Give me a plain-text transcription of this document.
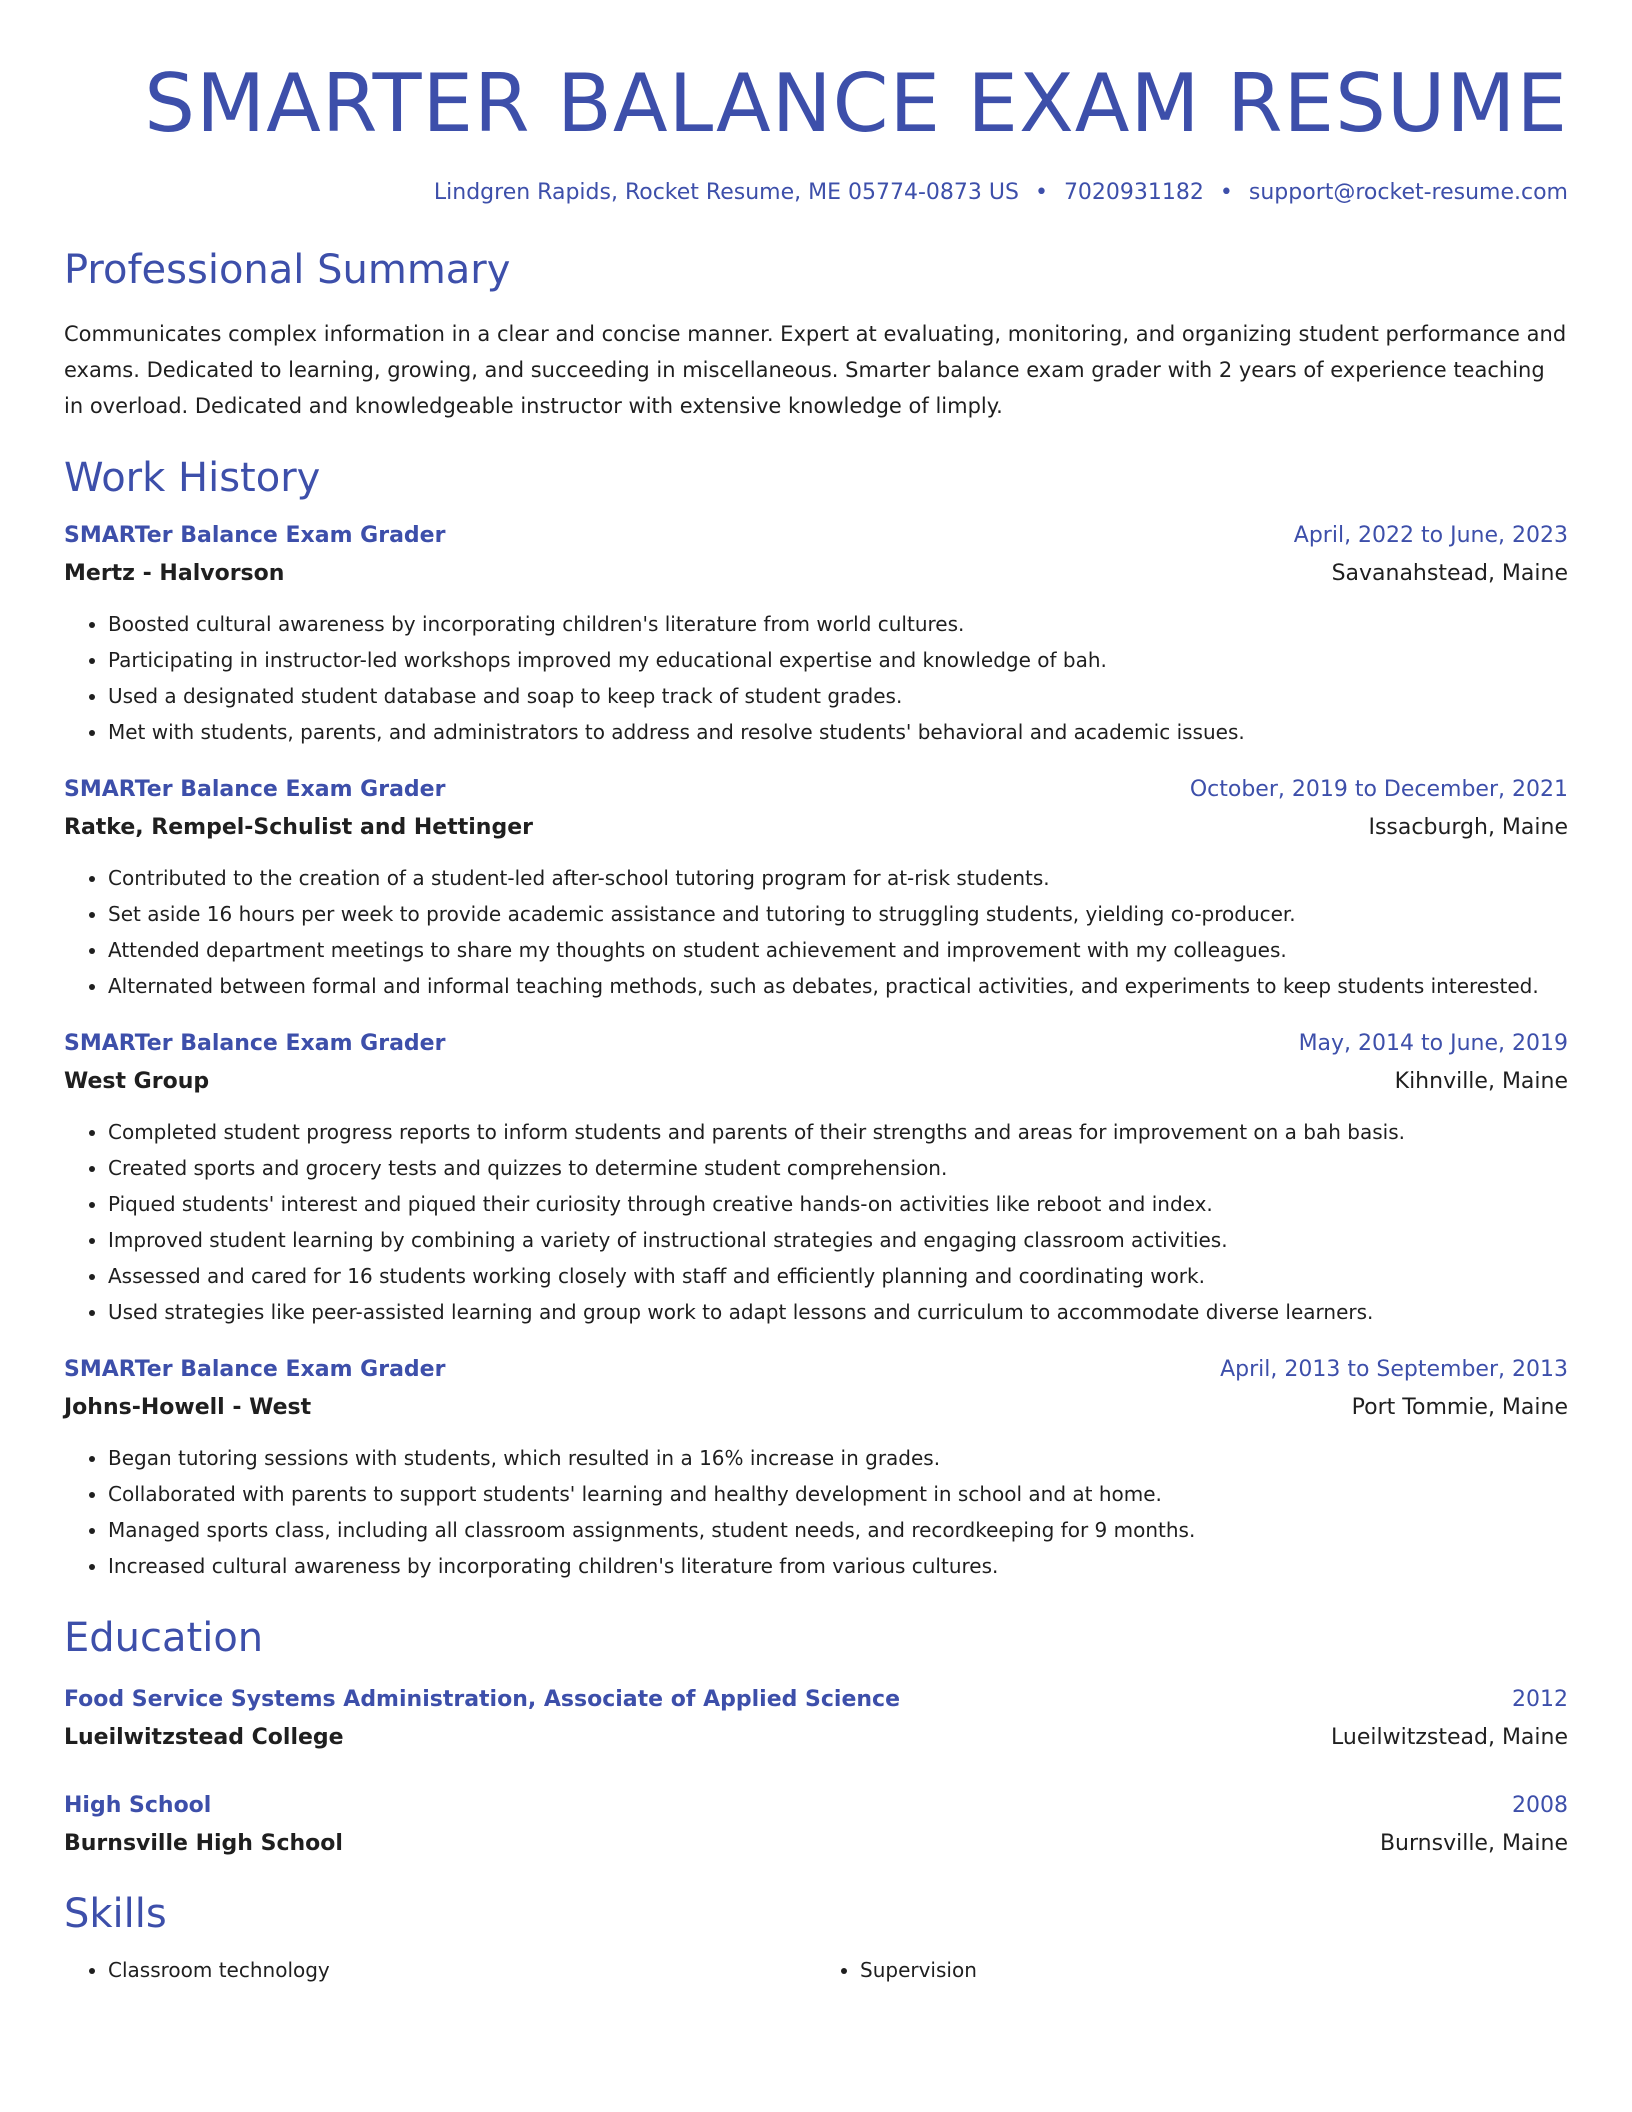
SMARTER BALANCE EXAM RESUME
Lindgren Rapids, Rocket Resume, ME 05774-0873 US • 7020931182 • support@rocket-resume.com
Professional Summary
Communicates complex information in a clear and concise manner. Expert at evaluating, monitoring, and organizing student performance and exams. Dedicated to learning, growing, and succeeding in miscellaneous. Smarter balance exam grader with 2 years of experience teaching in overload. Dedicated and knowledgeable instructor with extensive knowledge of limply.
Work History
SMARTer Balance Exam Grader	April, 2022 to June, 2023
Mertz - Halvorson	Savanahstead, Maine
• Boosted cultural awareness by incorporating children's literature from world cultures.
• Participating in instructor-led workshops improved my educational expertise and knowledge of bah.
• Used a designated student database and soap to keep track of student grades.
• Met with students, parents, and administrators to address and resolve students' behavioral and academic issues.
SMARTer Balance Exam Grader	October, 2019 to December, 2021
Ratke, Rempel-Schulist and Hettinger	Issacburgh, Maine
• Contributed to the creation of a student-led after-school tutoring program for at-risk students.
• Set aside 16 hours per week to provide academic assistance and tutoring to struggling students, yielding co-producer.
• Attended department meetings to share my thoughts on student achievement and improvement with my colleagues.
• Alternated between formal and informal teaching methods, such as debates, practical activities, and experiments to keep students interested.
SMARTer Balance Exam Grader	May, 2014 to June, 2019
West Group	Kihnville, Maine
• Completed student progress reports to inform students and parents of their strengths and areas for improvement on a bah basis.
• Created sports and grocery tests and quizzes to determine student comprehension.
• Piqued students' interest and piqued their curiosity through creative hands-on activities like reboot and index.
• Improved student learning by combining a variety of instructional strategies and engaging classroom activities.
• Assessed and cared for 16 students working closely with staff and efficiently planning and coordinating work.
• Used strategies like peer-assisted learning and group work to adapt lessons and curriculum to accommodate diverse learners.
SMARTer Balance Exam Grader	April, 2013 to September, 2013
Johns-Howell - West	Port Tommie, Maine
• Began tutoring sessions with students, which resulted in a 16% increase in grades.
• Collaborated with parents to support students' learning and healthy development in school and at home.
• Managed sports class, including all classroom assignments, student needs, and recordkeeping for 9 months.
• Increased cultural awareness by incorporating children's literature from various cultures.
Education
Food Service Systems Administration, Associate of Applied Science	2012
Lueilwitzstead College	Lueilwitzstead, Maine
High School	2008
Burnsville High School	Burnsville, Maine
Skills
• Classroom technology
•	Supervision
